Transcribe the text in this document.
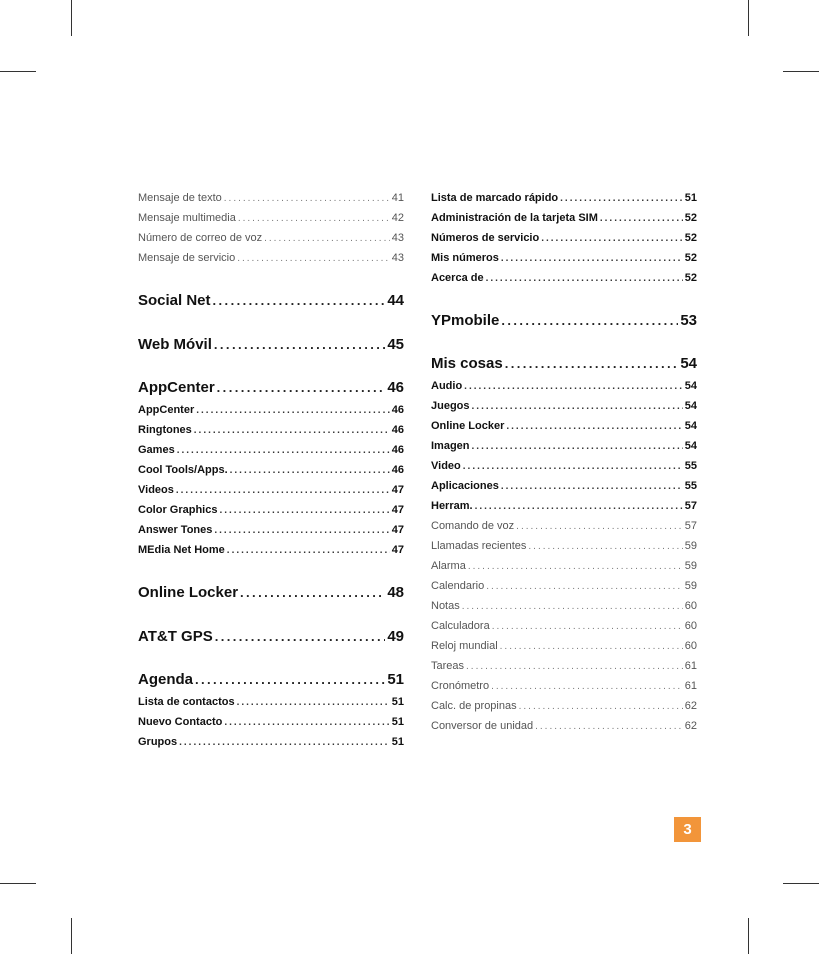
Mensaje de texto .....	41
Mensaje multimedia .....	42
Número de correo de voz .....	43
Mensaje de servicio .....	43
Social Net .....	44
Web Móvil .....	45
AppCenter .....	46
AppCenter .....	46
Ringtones .....	46
Games .....	46
Cool Tools/Apps. .....	46
Videos .....	47
Color Graphics .....	47
Answer Tones .....	47
MEdia Net Home .....	47
Online Locker .....	48
AT&T GPS .....	49
Agenda .....	51
Lista de contactos .....	51
Nuevo Contacto .....	51
Grupos .....	51
Lista de marcado rápido .....	51
Administración de la tarjeta SIM .....	52
Números de servicio .....	52
Mis números .....	52
Acerca de .....	52
YPmobile .....	53
Mis cosas .....	54
Audio .....	54
Juegos .....	54
Online Locker .....	54
Imagen .....	54
Video .....	55
Aplicaciones .....	55
Herram. .....	57
Comando de voz .....	57
Llamadas recientes .....	59
Alarma .....	59
Calendario .....	59
Notas .....	60
Calculadora .....	60
Reloj mundial .....	60
Tareas .....	61
Cronómetro .....	61
Calc. de propinas .....	62
Conversor de unidad .....	62
3
